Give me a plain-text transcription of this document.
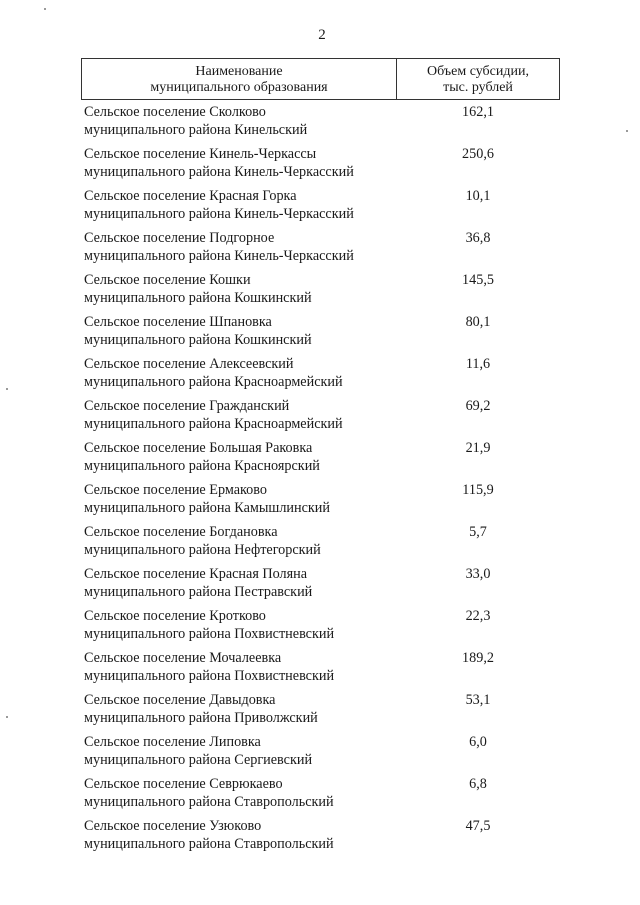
2
Наименование
муниципального образования
Объем субсидии,
тыс. рублей
Сельское поселение Сколково
муниципального района Кинельский
162,1
Сельское поселение Кинель-Черкассы
муниципального района Кинель-Черкасский
250,6
Сельское поселение Красная Горка
муниципального района Кинель-Черкасский
10,1
Сельское поселение Подгорное
муниципального района Кинель-Черкасский
36,8
Сельское поселение Кошки
муниципального района Кошкинский
145,5
Сельское поселение Шпановка
муниципального района Кошкинский
80,1
Сельское поселение Алексеевский
муниципального района Красноармейский
11,6
Сельское поселение Гражданский
муниципального района Красноармейский
69,2
Сельское поселение Большая Раковка
муниципального района Красноярский
21,9
Сельское поселение Ермаково
муниципального района Камышлинский
115,9
Сельское поселение Богдановка
муниципального района Нефтегорский
5,7
Сельское поселение Красная Поляна
муниципального района Пестравский
33,0
Сельское поселение Кротково
муниципального района Похвистневский
22,3
Сельское поселение Мочалеевка
муниципального района Похвистневский
189,2
Сельское поселение Давыдовка
муниципального района Приволжский
53,1
Сельское поселение Липовка
муниципального района Сергиевский
6,0
Сельское поселение Севрюкаево
муниципального района Ставропольский
6,8
Сельское поселение Узюково
муниципального района Ставропольский
47,5
